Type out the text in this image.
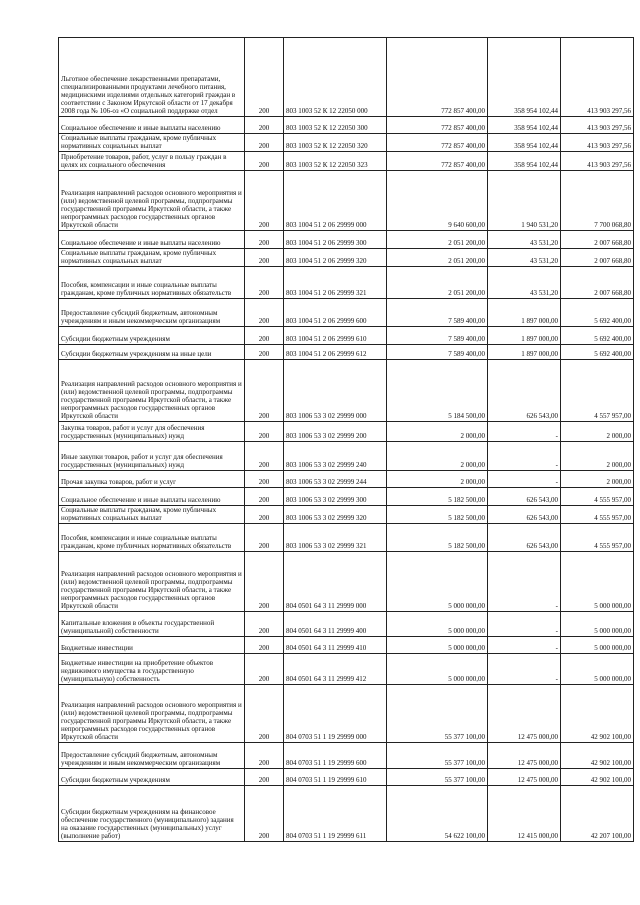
Льготное обеспечение лекарственными препаратами, специализированными продуктами лечебного питания, медицинскими изделиями отдельных категорий граждан в соответствии с Законом Иркутской области от 17 декабря 2008 года № 106-оз «О социальной поддержке отдел	200	803 1003 52 К 12 22050 000	772 857 400,00	358 954 102,44	413 903 297,56
Социальное обеспечение и иные выплаты населению	200	803 1003 52 К 12 22050 300	772 857 400,00	358 954 102,44	413 903 297,56
Социальные выплаты гражданам, кроме публичных нормативных социальных выплат	200	803 1003 52 К 12 22050 320	772 857 400,00	358 954 102,44	413 903 297,56
Приобретение товаров, работ, услуг в пользу граждан в целях их социального обеспечения	200	803 1003 52 К 12 22050 323	772 857 400,00	358 954 102,44	413 903 297,56
Реализация направлений расходов основного мероприятия и (или) ведомственной целевой программы, подпрограммы государственной программы Иркутской области, а также непрограммных расходов государственных органов Иркутской области	200	803 1004 51 2 06 29999 000	9 640 600,00	1 940 531,20	7 700 068,80
Социальное обеспечение и иные выплаты населению	200	803 1004 51 2 06 29999 300	2 051 200,00	43 531,20	2 007 668,80
Социальные выплаты гражданам, кроме публичных нормативных социальных выплат	200	803 1004 51 2 06 29999 320	2 051 200,00	43 531,20	2 007 668,80
Пособия, компенсации и иные социальные выплаты гражданам, кроме публичных нормативных обязательств	200	803 1004 51 2 06 29999 321	2 051 200,00	43 531,20	2 007 668,80
Предоставление субсидий бюджетным, автономным учреждениям и иным некоммерческим организациям	200	803 1004 51 2 06 29999 600	7 589 400,00	1 897 000,00	5 692 400,00
Субсидии бюджетным учреждениям	200	803 1004 51 2 06 29999 610	7 589 400,00	1 897 000,00	5 692 400,00
Субсидии бюджетным учреждениям на иные цели	200	803 1004 51 2 06 29999 612	7 589 400,00	1 897 000,00	5 692 400,00
Реализация направлений расходов основного мероприятия и (или) ведомственной целевой программы, подпрограммы государственной программы Иркутской области, а также непрограммных расходов государственных органов Иркутской области	200	803 1006 53 3 02 29999 000	5 184 500,00	626 543,00	4 557 957,00
Закупка товаров, работ и услуг для обеспечения государственных (муниципальных) нужд	200	803 1006 53 3 02 29999 200	2 000,00	-	2 000,00
Иные закупки товаров, работ и услуг для обеспечения государственных (муниципальных) нужд	200	803 1006 53 3 02 29999 240	2 000,00	-	2 000,00
Прочая закупка товаров, работ и услуг	200	803 1006 53 3 02 29999 244	2 000,00	-	2 000,00
Социальное обеспечение и иные выплаты населению	200	803 1006 53 3 02 29999 300	5 182 500,00	626 543,00	4 555 957,00
Социальные выплаты гражданам, кроме публичных нормативных социальных выплат	200	803 1006 53 3 02 29999 320	5 182 500,00	626 543,00	4 555 957,00
Пособия, компенсации и иные социальные выплаты гражданам, кроме публичных нормативных обязательств	200	803 1006 53 3 02 29999 321	5 182 500,00	626 543,00	4 555 957,00
Реализация направлений расходов основного мероприятия и (или) ведомственной целевой программы, подпрограммы государственной программы Иркутской области, а также непрограммных расходов государственных органов Иркутской области	200	804 0501 64 3 11 29999 000	5 000 000,00	-	5 000 000,00
Капитальные вложения в объекты государственной (муниципальной) собственности	200	804 0501 64 3 11 29999 400	5 000 000,00	-	5 000 000,00
Бюджетные инвестиции	200	804 0501 64 3 11 29999 410	5 000 000,00	-	5 000 000,00
Бюджетные инвестиции на приобретение объектов недвижимого имущества в государственную (муниципальную) собственность	200	804 0501 64 3 11 29999 412	5 000 000,00	-	5 000 000,00
Реализация направлений расходов основного мероприятия и (или) ведомственной целевой программы, подпрограммы государственной программы Иркутской области, а также непрограммных расходов государственных органов Иркутской области	200	804 0703 51 1 19 29999 000	55 377 100,00	12 475 000,00	42 902 100,00
Предоставление субсидий бюджетным, автономным учреждениям и иным некоммерческим организациям	200	804 0703 51 1 19 29999 600	55 377 100,00	12 475 000,00	42 902 100,00
Субсидии бюджетным учреждениям	200	804 0703 51 1 19 29999 610	55 377 100,00	12 475 000,00	42 902 100,00
Субсидии бюджетным учреждениям на финансовое обеспечение государственного (муниципального) задания на оказание государственных (муниципальных) услуг (выполнение работ)	200	804 0703 51 1 19 29999 611	54 622 100,00	12 415 000,00	42 207 100,00
